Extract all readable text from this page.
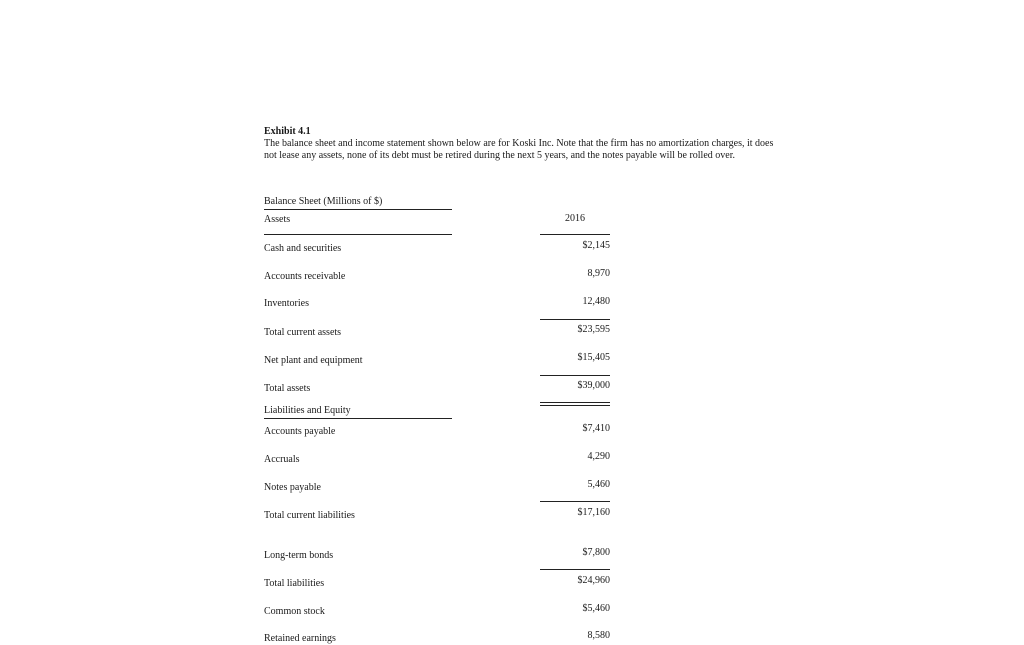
Exhibit 4.1
The balance sheet and income statement shown below are for Koski Inc. Note that the firm has no amortization charges, it does not lease any assets, none of its debt must be retired during the next 5 years, and the notes payable will be rolled over.
Balance Sheet (Millions of $)
Assets	2016
Cash and securities	$2,145
Accounts receivable	8,970
Inventories	12,480
Total current assets	$23,595
Net plant and equipment	$15,405
Total assets	$39,000
Liabilities and Equity
Accounts payable	$7,410
Accruals	4,290
Notes payable	5,460
Total current liabilities	$17,160
Long-term bonds	$7,800
Total liabilities	$24,960
Common stock	$5,460
Retained earnings	8,580
